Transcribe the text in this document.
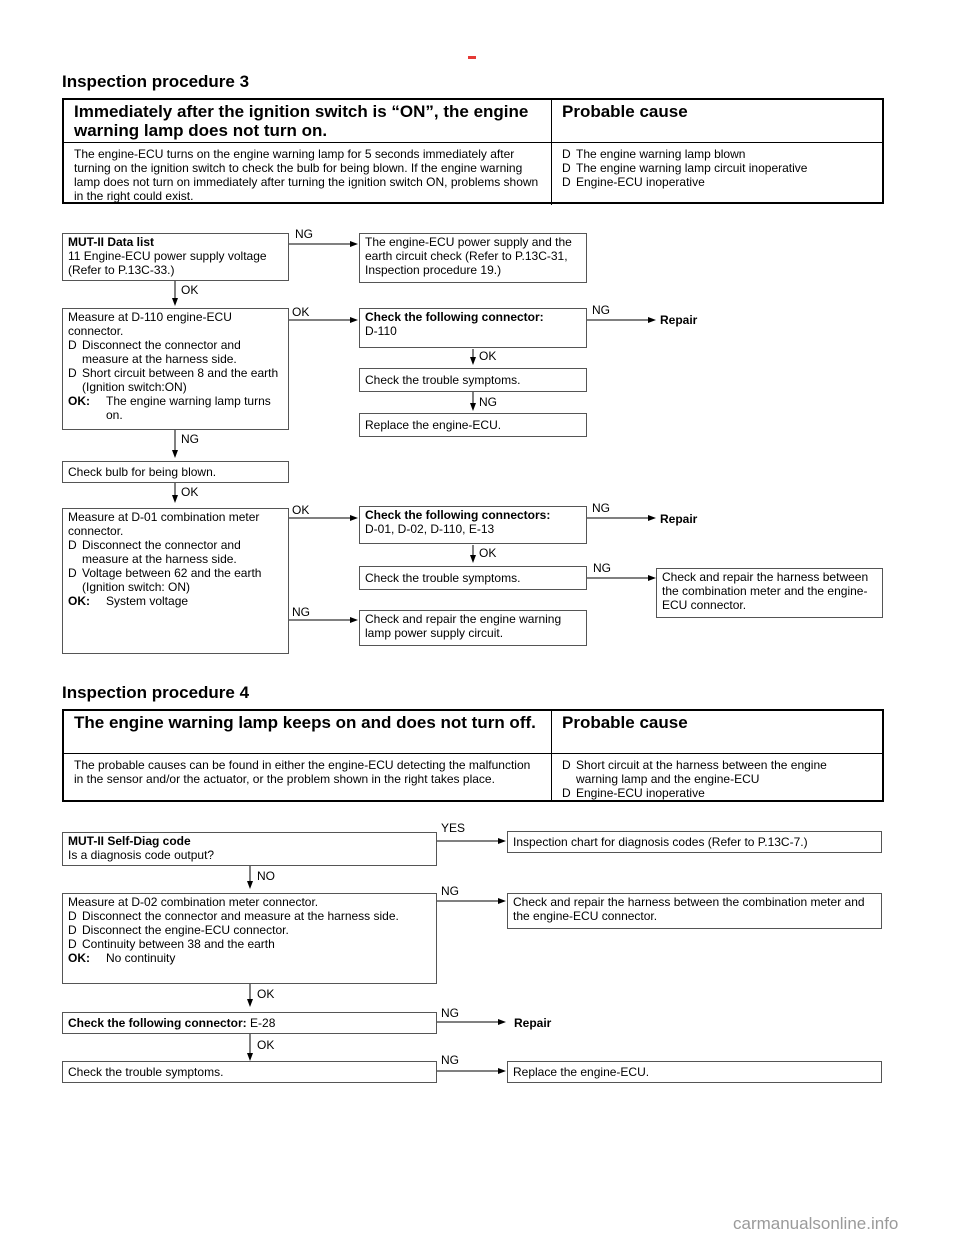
Inspection procedure 3
Immediately after the ignition switch is “ON”, the engine warning lamp does not turn on.
Probable cause
The engine-ECU turns on the engine warning lamp for 5 seconds immediately after turning on the ignition switch to check the bulb for being blown. If the engine warning lamp does not turn on immediately after turning the ignition switch ON, problems shown in the right could exist.
D The engine warning lamp blown
D The engine warning lamp circuit inoperative
D Engine-ECU inoperative
MUT-II Data list
11 Engine-ECU power supply voltage (Refer to P.13C-33.)
The engine-ECU power supply and the earth circuit check (Refer to P.13C-31, Inspection procedure 19.)
Measure at D-110 engine-ECU connector.
D Disconnect the connector and measure at the harness side.
D Short circuit between 8 and the earth (Ignition switch:ON)
OK:	The engine warning lamp turns on.
Check the following connector:
D-110
Check the trouble symptoms.
Replace the engine-ECU.
Check bulb for being blown.
Measure at D-01 combination meter connector.
D Disconnect the connector and measure at the harness side.
D Voltage between 62 and the earth (Ignition switch: ON)
OK:	System voltage
Check the following connectors:
D-01, D-02, D-110, E-13
Check the trouble symptoms.	Check and repair the harness between the combination meter and the engine-ECU connector.
Check and repair the engine warning lamp power supply circuit.
NG
OK
OK	NG
Repair
OK
NG
NG
OK
OK	NG
Repair
OK
NG
NG
Inspection procedure 4
The engine warning lamp keeps on and does not turn off.	Probable cause
The probable causes can be found in either the engine-ECU detecting the malfunction in the sensor and/or the actuator, or the problem shown in the right takes place.
D Short circuit at the harness between the engine warning lamp and the engine-ECU
D Engine-ECU inoperative
MUT-II Self-Diag code
Is a diagnosis code output?
Inspection chart for diagnosis codes (Refer to P.13C-7.)
Measure at D-02 combination meter connector.
D Disconnect the connector and measure at the harness side.
D Disconnect the engine-ECU connector.
D Continuity between 38 and the earth
OK:	No continuity
Check and repair the harness between the combination meter and the engine-ECU connector.
Check the following connector: E-28
Check the trouble symptoms.	Replace the engine-ECU.
YES
NO
NG
OK
NG
Repair
OK
NG
carmanualsonline.info
